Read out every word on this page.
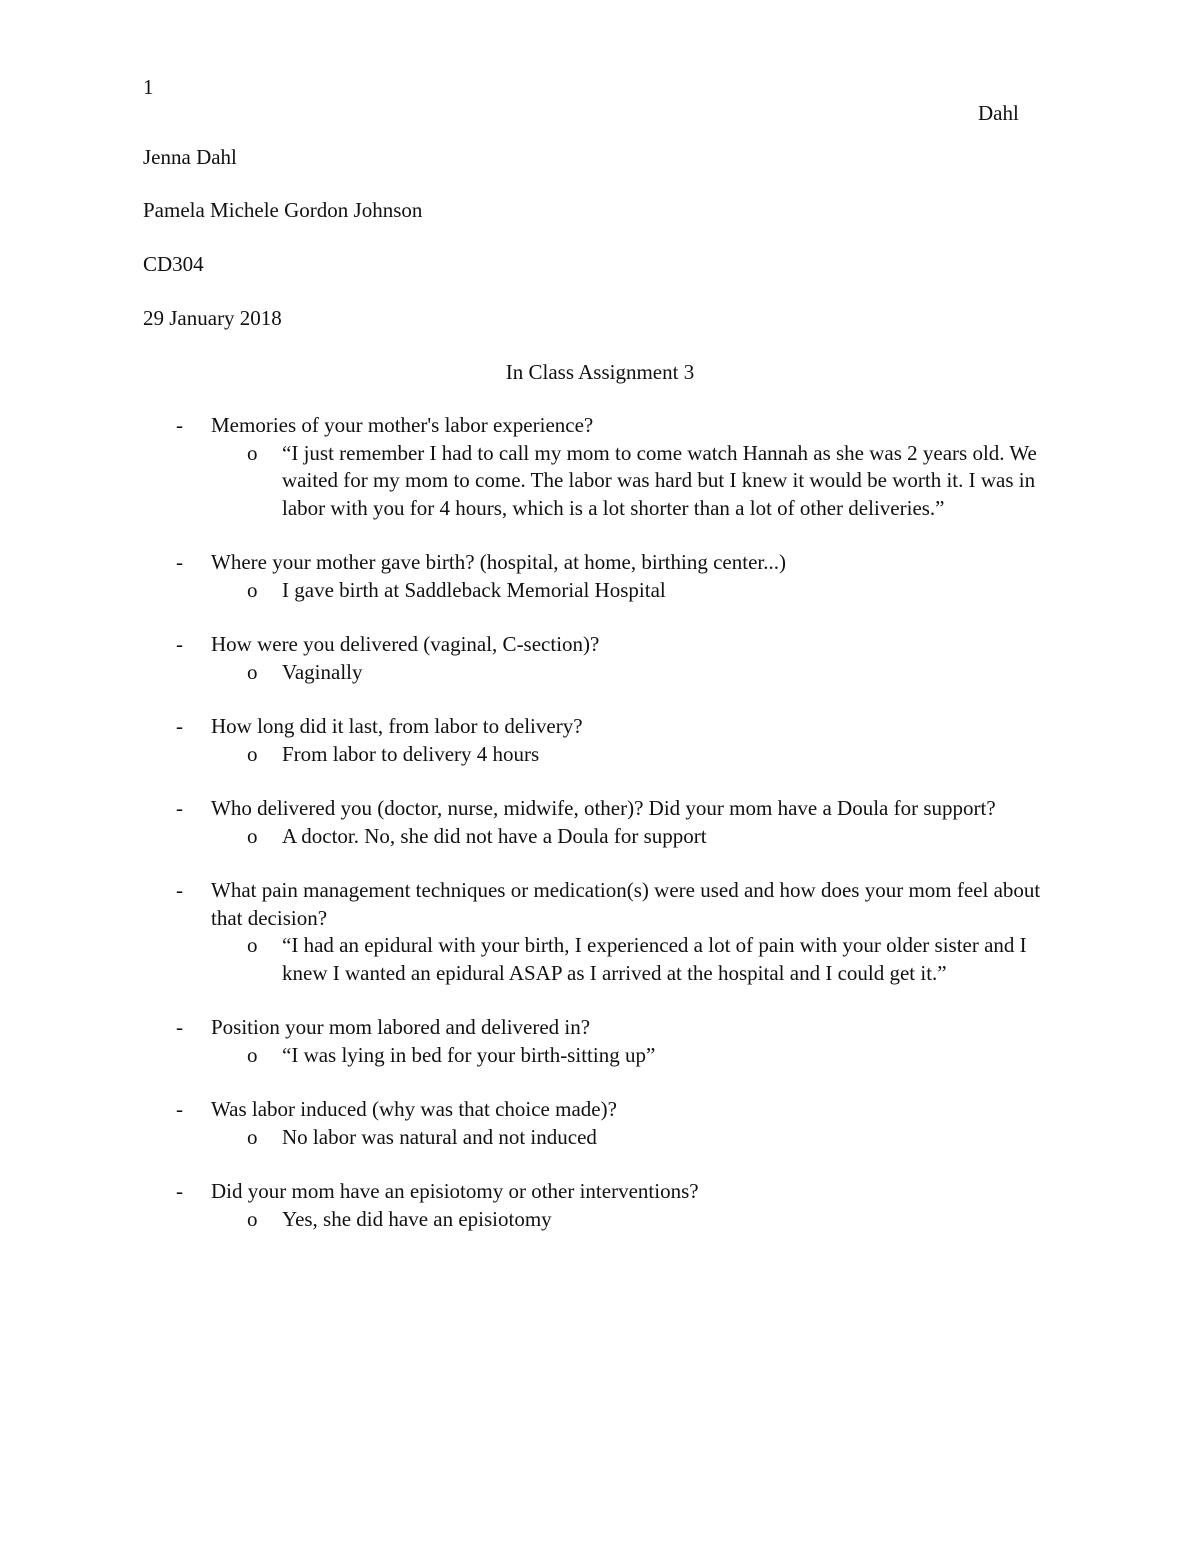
1
Dahl
Jenna Dahl
Pamela Michele Gordon Johnson
CD304
29 January 2018
In Class Assignment 3
- Memories of your mother's labor experience?
o “I just remember I had to call my mom to come watch Hannah as she was 2 years old. We waited for my mom to come. The labor was hard but I knew it would be worth it. I was in labor with you for 4 hours, which is a lot shorter than a lot of other deliveries.”
- Where your mother gave birth? (hospital, at home, birthing center...)
o I gave birth at Saddleback Memorial Hospital
- How were you delivered (vaginal, C-section)?
o Vaginally
- How long did it last, from labor to delivery?
o From labor to delivery 4 hours
- Who delivered you (doctor, nurse, midwife, other)? Did your mom have a Doula for support?
o A doctor. No, she did not have a Doula for support
- What pain management techniques or medication(s) were used and how does your mom feel about that decision?
o “I had an epidural with your birth, I experienced a lot of pain with your older sister and I knew I wanted an epidural ASAP as I arrived at the hospital and I could get it.”
- Position your mom labored and delivered in?
o “I was lying in bed for your birth-sitting up”
- Was labor induced (why was that choice made)?
o No labor was natural and not induced
- Did your mom have an episiotomy or other interventions?
o Yes, she did have an episiotomy
